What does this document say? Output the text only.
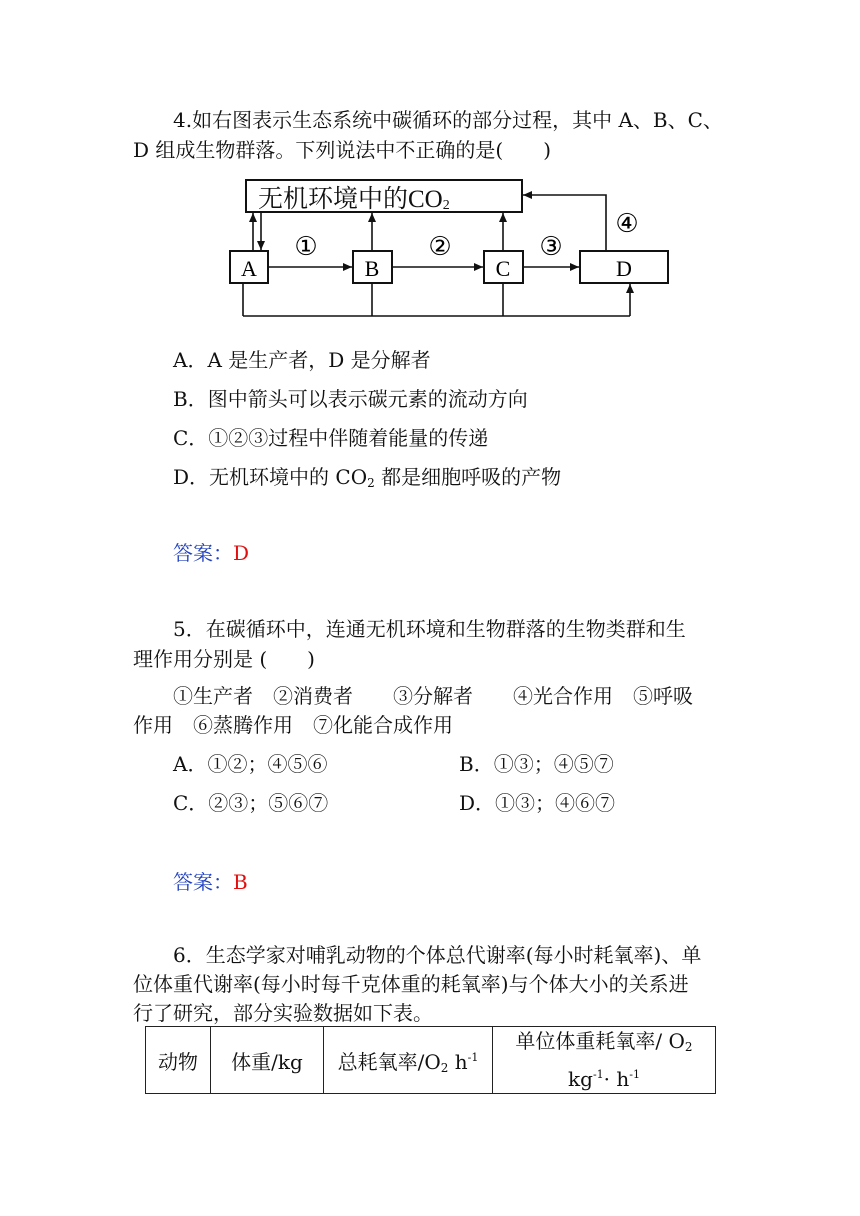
4.如右图表示生态系统中碳循环的部分过程，其中 A、B、C、
D 组成生物群落。下列说法中不正确的是(　　)
无机环境中的CO2
A	B	C	D
①	②	③
④
A．A 是生产者，D 是分解者
B．图中箭头可以表示碳元素的流动方向
C．①②③过程中伴随着能量的传递
D．无机环境中的 $CO_2$ 都是细胞呼吸的产物
答案：D
5．在碳循环中，连通无机环境和生物群落的生物类群和生
理作用分别是 (　　)
①生产者　②消费者　　③分解者　　④光合作用　⑤呼吸
作用　⑥蒸腾作用　⑦化能合成作用
A．①②；④⑤⑥	B．①③；④⑤⑦
C．②③；⑤⑥⑦	D．①③；④⑥⑦
答案：B
6．生态学家对哺乳动物的个体总代谢率(每小时耗氧率)、单
位体重代谢率(每小时每千克体重的耗氧率)与个体大小的关系进
行了研究，部分实验数据如下表。
动物	体重/kg	总耗氧率$/O_2$ $h^{-1}$	单位体重耗氧率/ $O_2$
$kg^{-1}\cdot h^{-1}$
